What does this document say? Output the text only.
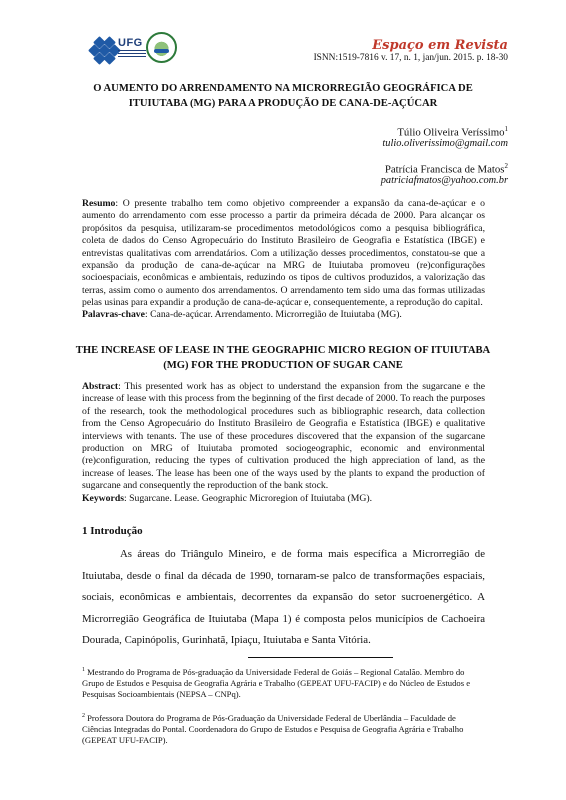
UFG	Espaço em Revista
ISNN:1519-7816 v. 17, n. 1, jan/jun. 2015. p. 18-30
O AUMENTO DO ARRENDAMENTO NA MICRORREGIÃO GEOGRÁFICA DE ITUIUTABA (MG) PARA A PRODUÇÃO DE CANA-DE-AÇÚCAR
Túlio Oliveira Veríssimo$^1$
tulio.oliverissimo@gmail.com
Patrícia Francisca de Matos$^2$
patriciafmatos@yahoo.com.br
Resumo: O presente trabalho tem como objetivo compreender a expansão da cana-de-açúcar e o aumento do arrendamento com esse processo a partir da primeira década de 2000. Para alcançar os propósitos da pesquisa, utilizaram-se procedimentos metodológicos como a pesquisa bibliográfica, coleta de dados do Censo Agropecuário do Instituto Brasileiro de Geografia e Estatística (IBGE) e entrevistas qualitativas com arrendatários. Com a utilização desses procedimentos, constatou-se que a expansão da produção de cana-de-açúcar na MRG de Ituiutaba promoveu (re)configurações socioespaciais, econômicas e ambientais, reduzindo os tipos de cultivos produzidos, a valorização das terras, assim como o aumento dos arrendamentos. O arrendamento tem sido uma das formas utilizadas pelas usinas para expandir a produção de cana-de-açúcar e, consequentemente, a reprodução do capital.
Palavras-chave: Cana-de-açúcar. Arrendamento. Microrregião de Ituiutaba (MG).
THE INCREASE OF LEASE IN THE GEOGRAPHIC MICRO REGION OF ITUIUTABA (MG) FOR THE PRODUCTION OF SUGAR CANE
Abstract: This presented work has as object to understand the expansion from the sugarcane e the increase of lease with this process from the beginning of the first decade of 2000. To reach the purposes of the research, took the methodological procedures such as bibliographic research, data collection from the Censo Agropecuário do Instituto Brasileiro de Geografia e Estatística (IBGE) e qualitative interviews with tenants. The use of these procedures discovered that the expansion of the sugarcane production on MRG of Ituiutaba promoted sociogeographic, economic and environmental (re)configuration, reducing the types of cultivation produced the high appreciation of land, as the increase of leases. The lease has been one of the ways used by the plants to expand the production of sugarcane and consequently the reproduction of the bank stock.
Keywords: Sugarcane. Lease. Geographic Microregion of Ituiutaba (MG).
1 Introdução
As áreas do Triângulo Mineiro, e de forma mais específica a Microrregião de Ituiutaba, desde o final da década de 1990, tornaram-se palco de transformações espaciais, sociais, econômicas e ambientais, decorrentes da expansão do setor sucroenergético. A Microrregião Geográfica de Ituiutaba (Mapa 1) é composta pelos municípios de Cachoeira Dourada, Capinópolis, Gurinhatã, Ipiaçu, Ituiutaba e Santa Vitória.
$^1$ Mestrando do Programa de Pós-graduação da Universidade Federal de Goiás – Regional Catalão. Membro do Grupo de Estudos e Pesquisa de Geografia Agrária e Trabalho (GEPEAT UFU-FACIP) e do Núcleo de Estudos e Pesquisas Socioambientais (NEPSA – CNPq).
$^2$ Professora Doutora do Programa de Pós-Graduação da Universidade Federal de Uberlândia – Faculdade de Ciências Integradas do Pontal. Coordenadora do Grupo de Estudos e Pesquisa de Geografia Agrária e Trabalho (GEPEAT UFU-FACIP).
